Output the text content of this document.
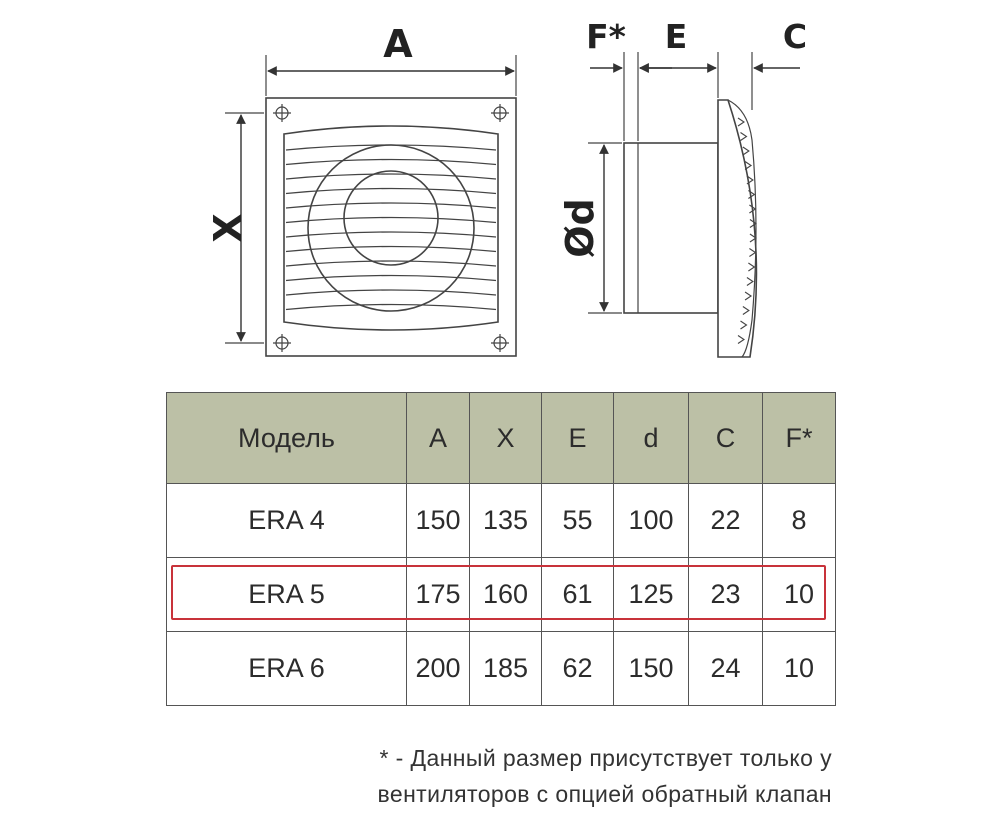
A
X
F* E	C
Ød
Модель	A	X	E	d	C	F*
ERA 4	150	135	55	100	22	8
ERA 5	175	160	61	125	23	10
ERA 6	200	185	62	150	24	10
* - Данный размер присутствует только у
вентиляторов с опцией обратный клапан
